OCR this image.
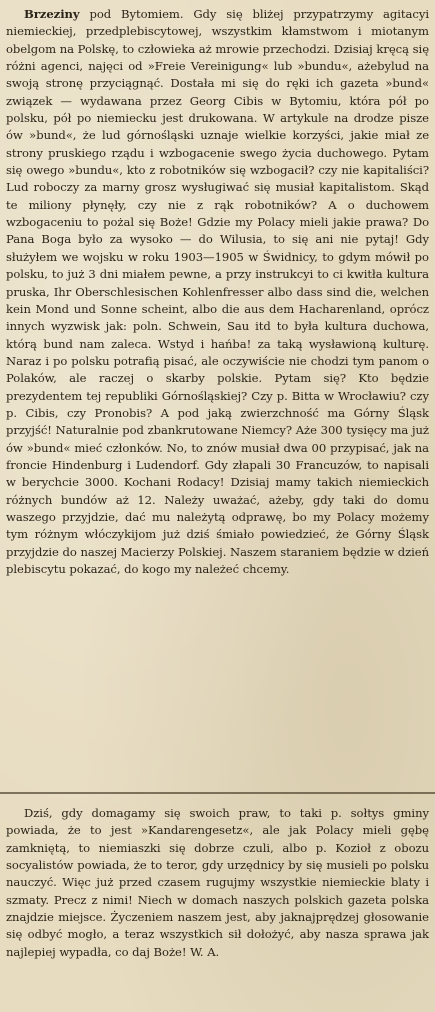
Brzeziny pod Bytomiem. Gdy się bliżej przypatrzymy agitacyi niemieckiej, przedplebiscytowej, wszystkim kłamstwom i miotanym obelgom na Polskę, to człowieka aż mrowie przechodzi. Dzisiaj kręcą się różni agenci, najęci od »Freie Vereinigung« lub »bundu«, ażebylud na swoją stronę przyciągnąć. Dostała mi się do ręki ich gazeta »bund« związek — wydawana przez Georg Cibis w Bytomiu, która pół po polsku, pół po niemiecku jest drukowana. W artykule na drodze pisze ów »bund«, że lud górnośląski uznaje wielkie korzyści, jakie miał ze strony pruskiego rządu i wzbogacenie swego życia duchowego. Pytam się owego »bundu«, kto z robotników się wzbogacił? czy nie kapitaliści? Lud roboczy za marny grosz wysługiwać się musiał kapitalistom. Skąd te miliony płynęły, czy nie z rąk robotników? A o duchowem wzbogaceniu to pożal się Boże! Gdzie my Polacy mieli jakie prawa? Do Pana Boga było za wysoko — do Wilusia, to się ani nie pytaj! Gdy służyłem we wojsku w roku 1903—1905 w Świdnicy, to gdym mówił po polsku, to już 3 dni miałem pewne, a przy instrukcyi to ci kwitła kultura pruska, Ihr Oberschlesischen Kohlenfresser albo dass sind die, welchen kein Mond und Sonne scheint, albo die aus dem Hacharenland, oprócz innych wyzwisk jak: poln. Schwein, Sau itd to była kultura duchowa, którą bund nam zaleca. Wstyd i hańba! za taką wysławioną kulturę. Naraz i po polsku potrafią pisać, ale oczywiście nie chodzi tym panom o Polaków, ale raczej o skarby polskie. Pytam się? Kto będzie prezydentem tej republiki Górnośląskiej? Czy p. Bitta w Wrocławiu? czy p. Cibis, czy Pronobis? A pod jaką zwierzchność ma Górny Śląsk przyjść! Naturalnie pod zbankrutowane Niemcy? Aże 300 tysięcy ma już ów »bund« mieć członków. No, to znów musiał dwa 00 przypisać, jak na froncie Hindenburg i Ludendorf. Gdy złapali 30 Francuzów, to napisali w berychcie 3000. Kochani Rodacy! Dzisiaj mamy takich niemieckich różnych bundów aż 12. Należy uważać, ażeby, gdy taki do domu waszego przyjdzie, dać mu należytą odprawę, bo my Polacy możemy tym różnym włóczykijom już dziś śmiało powiedzieć, że Górny Śląsk przyjdzie do naszej Macierzy Polskiej. Naszem staraniem będzie w dzień plebiscytu pokazać, do kogo my należeć chcemy.

Dziś, gdy domagamy się swoich praw, to taki p. sołtys gminy powiada, że to jest »Kandarengesetz«, ale jak Polacy mieli gębę zamkniętą, to niemiaszki się dobrze czuli, albo p. Kozioł z obozu socyalistów powiada, że to teror, gdy urzędnicy by się musieli po polsku nauczyć. Więc już przed czasem rugujmy wszystkie niemieckie blaty i szmaty. Precz z nimi! Niech w domach naszych polskich gazeta polska znajdzie miejsce. Życzeniem naszem jest, aby jaknajprędzej głosowanie się odbyć mogło, a teraz wszystkich sił dołożyć, aby nasza sprawa jak najlepiej wypadła, co daj Boże! W. A.
